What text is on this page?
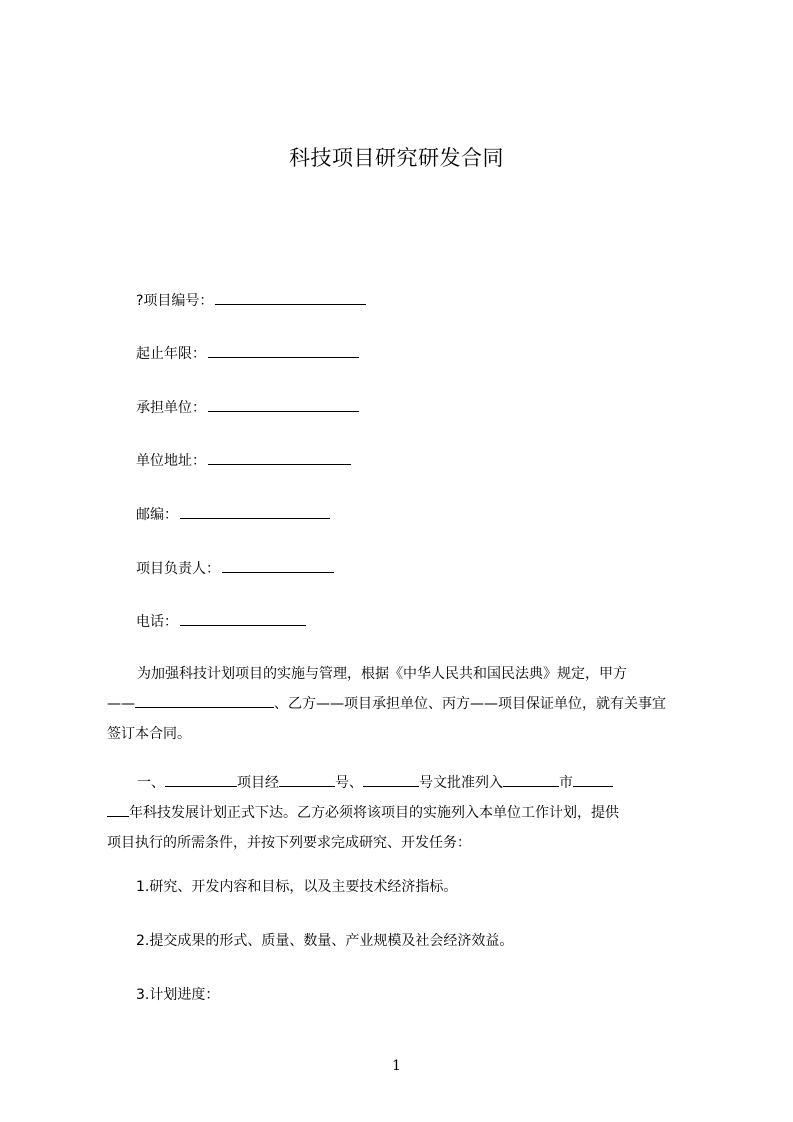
科技项目研究研发合同
?项目编号：
起止年限：
承担单位：
单位地址：
邮编：
项目负责人：
电话：
为加强科技计划项目的实施与管理，根据《中华人民共和国民法典》规定，甲方
——	、乙方——项目承担单位、丙方——项目保证单位，就有关事宜
签订本合同。
一、	项目经	号、	号文批准列入	市
年科技发展计划正式下达。乙方必须将该项目的实施列入本单位工作计划，提供
项目执行的所需条件，并按下列要求完成研究、开发任务：
1.研究、开发内容和目标，以及主要技术经济指标。
2.提交成果的形式、质量、数量、产业规模及社会经济效益。
3.计划进度：
1
